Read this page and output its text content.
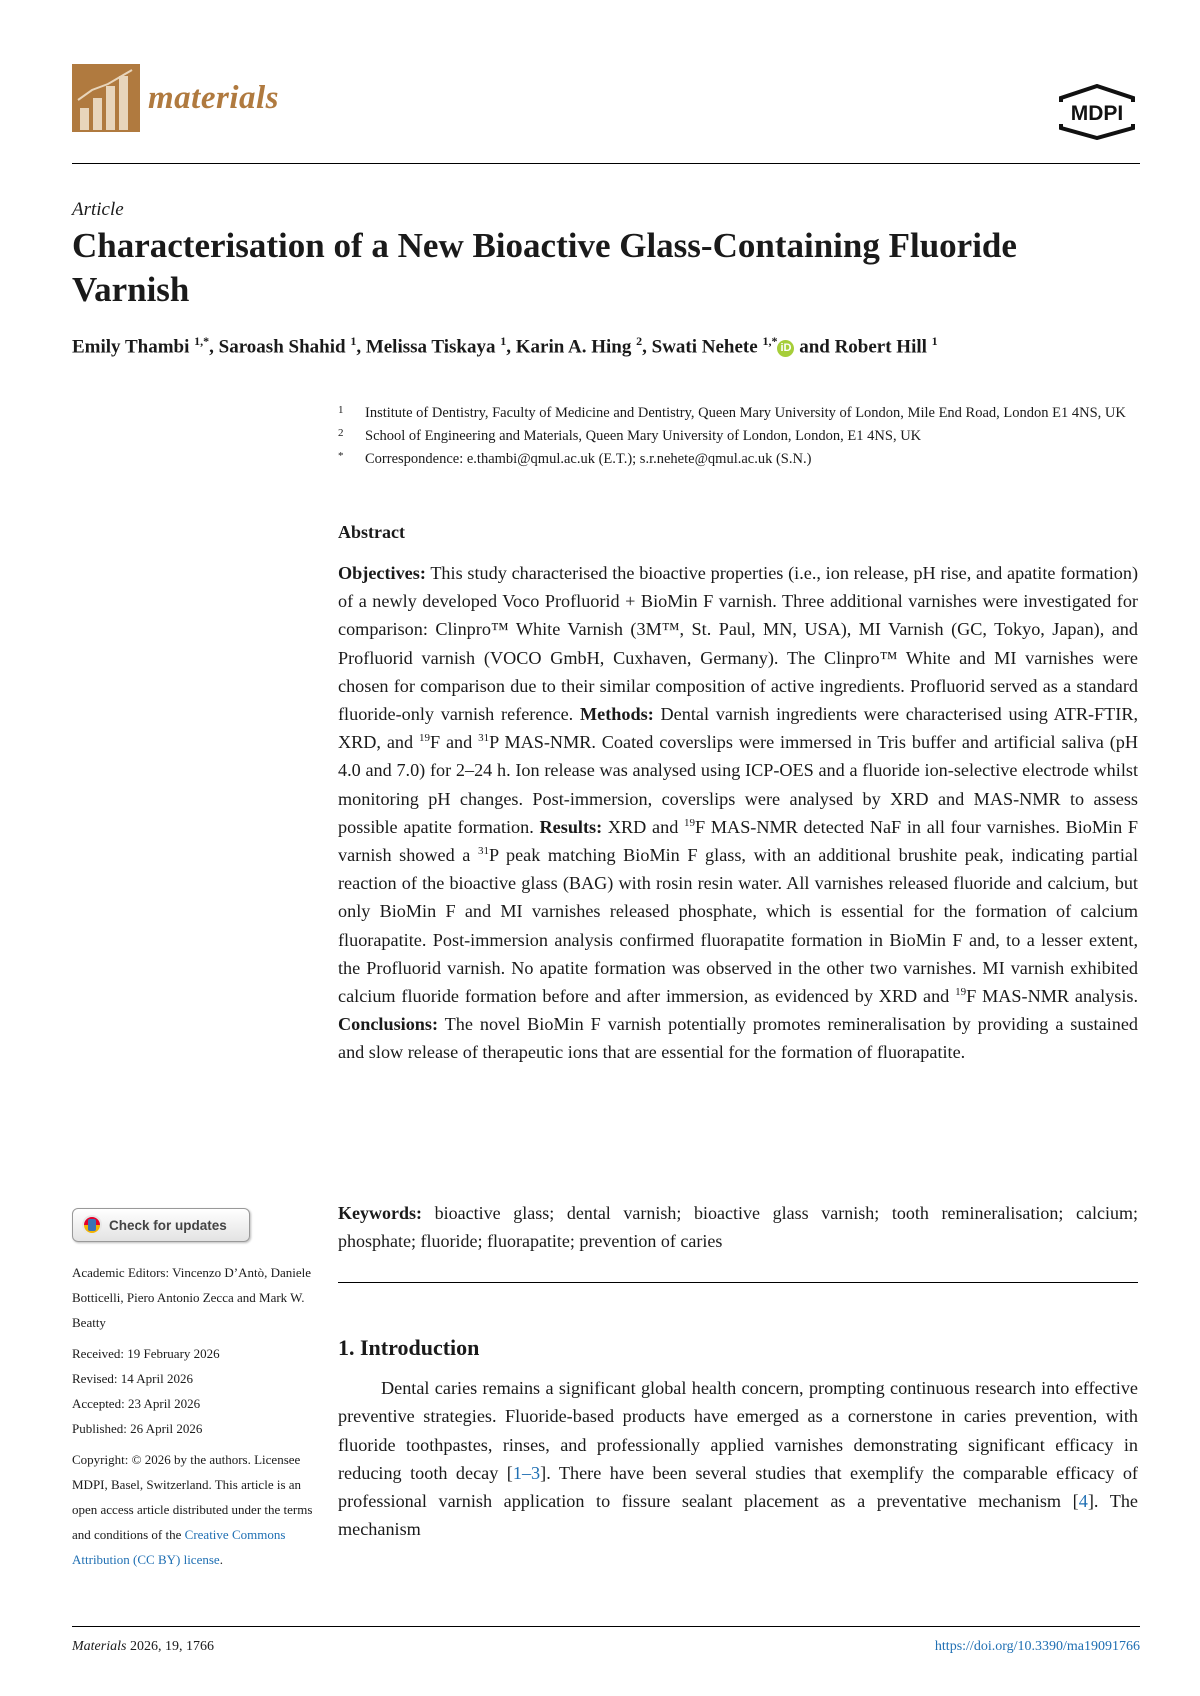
materials	MDPI
Article
Characterisation of a New Bioactive Glass-Containing Fluoride Varnish
Emily Thambi $^{1,*}$, Saroash Shahid $^1$, Melissa Tiskaya $^1$, Karin A. Hing $^2$, Swati Nehete $^{1,*}$iD and Robert Hill $^1$
1 Institute of Dentistry, Faculty of Medicine and Dentistry, Queen Mary University of London, Mile End Road, London E1 4NS, UK
2 School of Engineering and Materials, Queen Mary University of London, London, E1 4NS, UK
* Correspondence: e.thambi@qmul.ac.uk (E.T.); s.r.nehete@qmul.ac.uk (S.N.)
Abstract
Objectives: This study characterised the bioactive properties (i.e., ion release, pH rise, and apatite formation) of a newly developed Voco Profluorid + BioMin F varnish. Three additional varnishes were investigated for comparison: Clinpro™ White Varnish (3M™, St. Paul, MN, USA), MI Varnish (GC, Tokyo, Japan), and Profluorid varnish (VOCO GmbH, Cuxhaven, Germany). The Clinpro™ White and MI varnishes were chosen for comparison due to their similar composition of active ingredients. Profluorid served as a standard fluoride-only varnish reference. Methods: Dental varnish ingredients were characterised using ATR-FTIR, XRD, and $^{19}$F and $^{31}$P MAS-NMR. Coated coverslips were immersed in Tris buffer and artificial saliva (pH 4.0 and 7.0) for 2–24 h. Ion release was analysed using ICP-OES and a fluoride ion-selective electrode whilst monitoring pH changes. Post-immersion, coverslips were analysed by XRD and MAS-NMR to assess possible apatite formation. Results: XRD and $^{19}$F MAS-NMR detected NaF in all four varnishes. BioMin F varnish showed a $^{31}$P peak matching BioMin F glass, with an additional brushite peak, indicating partial reaction of the bioactive glass (BAG) with rosin resin water. All varnishes released fluoride and calcium, but only BioMin F and MI varnishes released phosphate, which is essential for the formation of calcium fluorapatite. Post-immersion analysis confirmed fluorapatite formation in BioMin F and, to a lesser extent, the Profluorid varnish. No apatite formation was observed in the other two varnishes. MI varnish exhibited calcium fluoride formation before and after immersion, as evidenced by XRD and $^{19}$F MAS-NMR analysis. Conclusions: The novel BioMin F varnish potentially promotes remineralisation by providing a sustained and slow release of therapeutic ions that are essential for the formation of fluorapatite.
Keywords: bioactive glass; dental varnish; bioactive glass varnish; tooth remineralisation; calcium; phosphate; fluoride; fluorapatite; prevention of caries
1. Introduction
Dental caries remains a significant global health concern, prompting continuous research into effective preventive strategies. Fluoride-based products have emerged as a cornerstone in caries prevention, with fluoride toothpastes, rinses, and professionally applied varnishes demonstrating significant efficacy in reducing tooth decay [1–3]. There have been several studies that exemplify the comparable efficacy of professional varnish application to fissure sealant placement as a preventative mechanism [4]. The mechanism
Check for updates

Academic Editors: Vincenzo D’Antò, Daniele Botticelli, Piero Antonio Zecca and Mark W. Beatty

Received: 19 February 2026

Revised: 14 April 2026

Accepted: 23 April 2026

Published: 26 April 2026

Copyright: © 2026 by the authors. Licensee MDPI, Basel, Switzerland. This article is an open access article distributed under the terms and conditions of the Creative Commons Attribution (CC BY) license.

Materials 2026, 19, 1766	https://doi.org/10.3390/ma19091766
